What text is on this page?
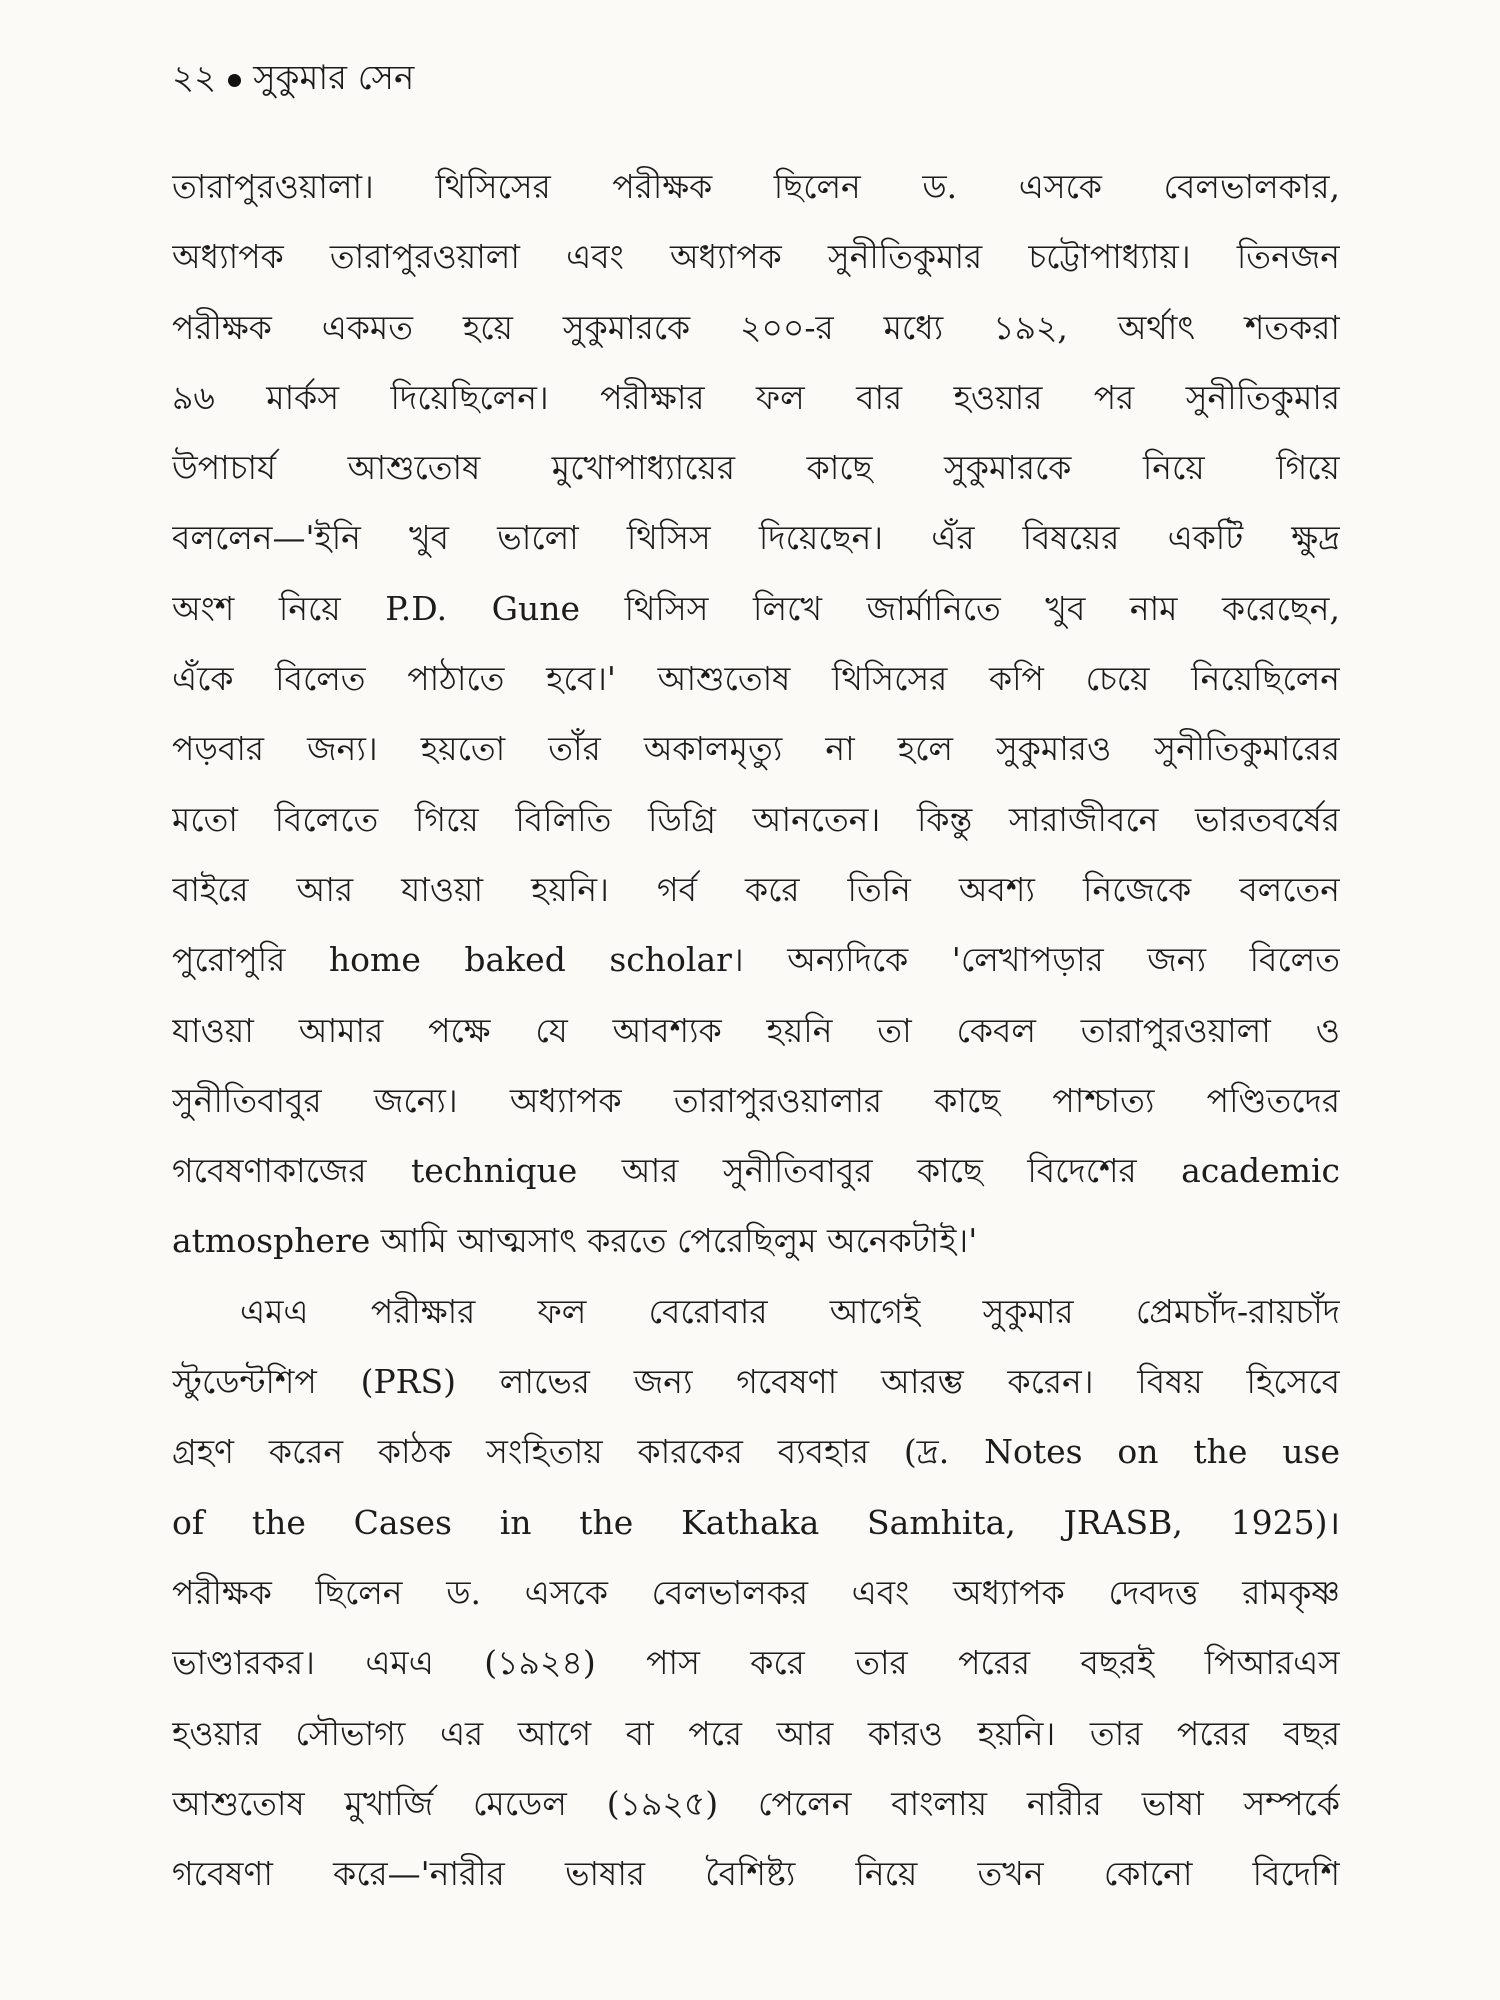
২২ সুকুমার সেন
তারাপুরওয়ালা। থিসিসের পরীক্ষক ছিলেন ড. এসকে বেলভালকার,
অধ্যাপক তারাপুরওয়ালা এবং অধ্যাপক সুনীতিকুমার চট্টোপাধ্যায়। তিনজন
পরীক্ষক একমত হয়ে সুকুমারকে ২০০-র মধ্যে ১৯২, অর্থাৎ শতকরা
৯৬ মার্কস দিয়েছিলেন। পরীক্ষার ফল বার হওয়ার পর সুনীতিকুমার
উপাচার্য আশুতোষ মুখোপাধ্যায়ের কাছে সুকুমারকে নিয়ে গিয়ে
বললেন—'ইনি খুব ভালো থিসিস দিয়েছেন। এঁর বিষয়ের একটি ক্ষুদ্র
অংশ নিয়ে P.D. Gune থিসিস লিখে জার্মানিতে খুব নাম করেছেন,
এঁকে বিলেত পাঠাতে হবে।' আশুতোষ থিসিসের কপি চেয়ে নিয়েছিলেন
পড়বার জন্য। হয়তো তাঁর অকালমৃত্যু না হলে সুকুমারও সুনীতিকুমারের
মতো বিলেতে গিয়ে বিলিতি ডিগ্রি আনতেন। কিন্তু সারাজীবনে ভারতবর্ষের
বাইরে আর যাওয়া হয়নি। গর্ব করে তিনি অবশ্য নিজেকে বলতেন
পুরোপুরি home baked scholar। অন্যদিকে 'লেখাপড়ার জন্য বিলেত
যাওয়া আমার পক্ষে যে আবশ্যক হয়নি তা কেবল তারাপুরওয়ালা ও
সুনীতিবাবুর জন্যে। অধ্যাপক তারাপুরওয়ালার কাছে পাশ্চাত্য পণ্ডিতদের
গবেষণাকাজের technique আর সুনীতিবাবুর কাছে বিদেশের academic
atmosphere আমি আত্মসাৎ করতে পেরেছিলুম অনেকটাই।'
এমএ পরীক্ষার ফল বেরোবার আগেই সুকুমার প্রেমচাঁদ-রায়চাঁদ
স্টুডেন্টশিপ (PRS) লাভের জন্য গবেষণা আরম্ভ করেন। বিষয় হিসেবে
গ্রহণ করেন কাঠক সংহিতায় কারকের ব্যবহার (দ্র. Notes on the use
of the Cases in the Kathaka Samhita, JRASB, 1925)।
পরীক্ষক ছিলেন ড. এসকে বেলভালকর এবং অধ্যাপক দেবদত্ত রামকৃষ্ণ
ভাণ্ডারকর। এমএ (১৯২৪) পাস করে তার পরের বছরই পিআরএস
হওয়ার সৌভাগ্য এর আগে বা পরে আর কারও হয়নি। তার পরের বছর
আশুতোষ মুখার্জি মেডেল (১৯২৫) পেলেন বাংলায় নারীর ভাষা সম্পর্কে
গবেষণা করে—'নারীর ভাষার বৈশিষ্ট্য নিয়ে তখন কোনো বিদেশি
